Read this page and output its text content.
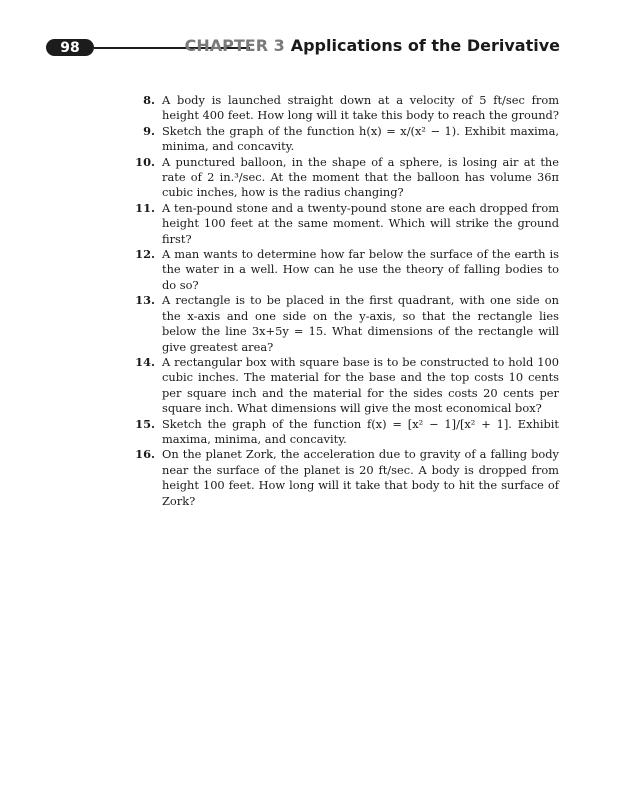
98	CHAPTER 3 Applications of the Derivative
8. A body is launched straight down at a velocity of 5 ft/sec from height 400 feet. How long will it take this body to reach the ground?
9. Sketch the graph of the function h(x) = x/(x² − 1). Exhibit maxima, minima, and concavity.
10. A punctured balloon, in the shape of a sphere, is losing air at the rate of 2 in.³/sec. At the moment that the balloon has volume 36π cubic inches, how is the radius changing?
11. A ten-pound stone and a twenty-pound stone are each dropped from height 100 feet at the same moment. Which will strike the ground first?
12. A man wants to determine how far below the surface of the earth is the water in a well. How can he use the theory of falling bodies to do so?
13. A rectangle is to be placed in the first quadrant, with one side on the x-axis and one side on the y-axis, so that the rectangle lies below the line 3x+5y = 15. What dimensions of the rectangle will give greatest area?
14. A rectangular box with square base is to be constructed to hold 100 cubic inches. The material for the base and the top costs 10 cents per square inch and the material for the sides costs 20 cents per square inch. What dimensions will give the most economical box?
15. Sketch the graph of the function f(x) = [x² − 1]/[x² + 1]. Exhibit maxima, minima, and concavity.
16. On the planet Zork, the acceleration due to gravity of a falling body near the surface of the planet is 20 ft/sec. A body is dropped from height 100 feet. How long will it take that body to hit the surface of Zork?
